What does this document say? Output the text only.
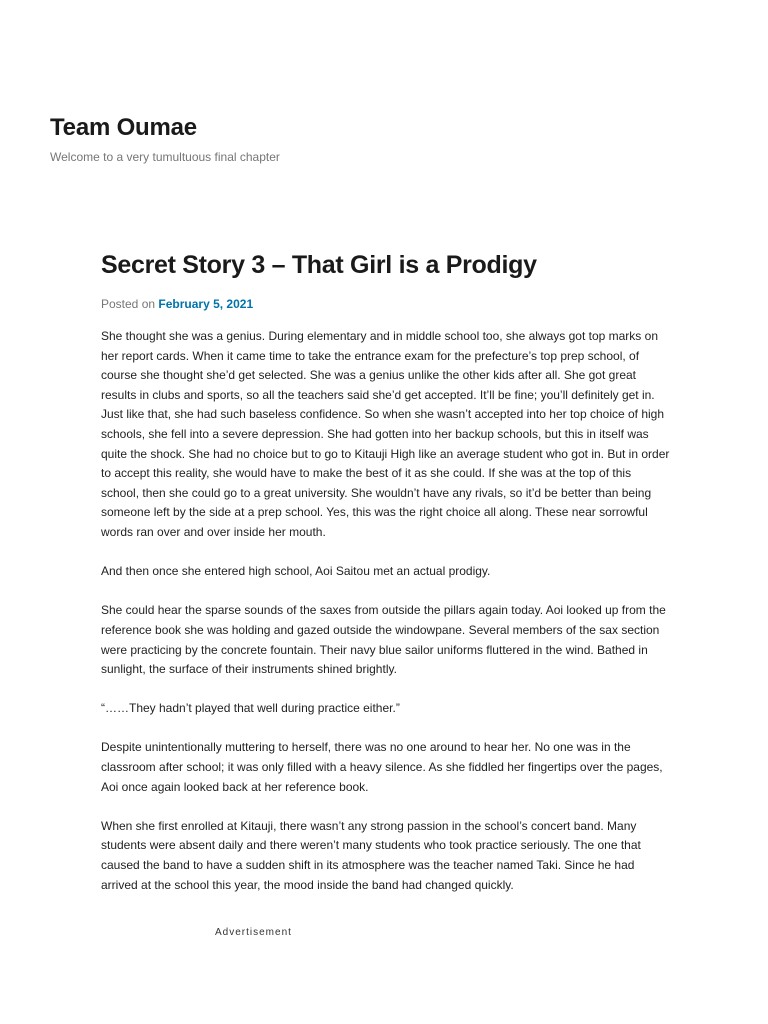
Team Oumae
Welcome to a very tumultuous final chapter
Secret Story 3 – That Girl is a Prodigy
Posted on February 5, 2021

She thought she was a genius. During elementary and in middle school too, she always got top marks on her report cards. When it came time to take the entrance exam for the prefecture’s top prep school, of course she thought she’d get selected. She was a genius unlike the other kids after all. She got great results in clubs and sports, so all the teachers said she’d get accepted. It’ll be fine; you’ll definitely get in. Just like that, she had such baseless confidence. So when she wasn’t accepted into her top choice of high schools, she fell into a severe depression. She had gotten into her backup schools, but this in itself was quite the shock. She had no choice but to go to Kitauji High like an average student who got in. But in order to accept this reality, she would have to make the best of it as she could. If she was at the top of this school, then she could go to a great university. She wouldn’t have any rivals, so it’d be better than being someone left by the side at a prep school. Yes, this was the right choice all along. These near sorrowful words ran over and over inside her mouth.

And then once she entered high school, Aoi Saitou met an actual prodigy.

She could hear the sparse sounds of the saxes from outside the pillars again today. Aoi looked up from the reference book she was holding and gazed outside the windowpane. Several members of the sax section were practicing by the concrete fountain. Their navy blue sailor uniforms fluttered in the wind. Bathed in sunlight, the surface of their instruments shined brightly.

“……They hadn’t played that well during practice either.”

Despite unintentionally muttering to herself, there was no one around to hear her. No one was in the classroom after school; it was only filled with a heavy silence. As she fiddled her fingertips over the pages, Aoi once again looked back at her reference book.

When she first enrolled at Kitauji, there wasn’t any strong passion in the school’s concert band. Many students were absent daily and there weren’t many students who took practice seriously. The one that caused the band to have a sudden shift in its atmosphere was the teacher named Taki. Since he had arrived at the school this year, the mood inside the band had changed quickly.

Advertisement
